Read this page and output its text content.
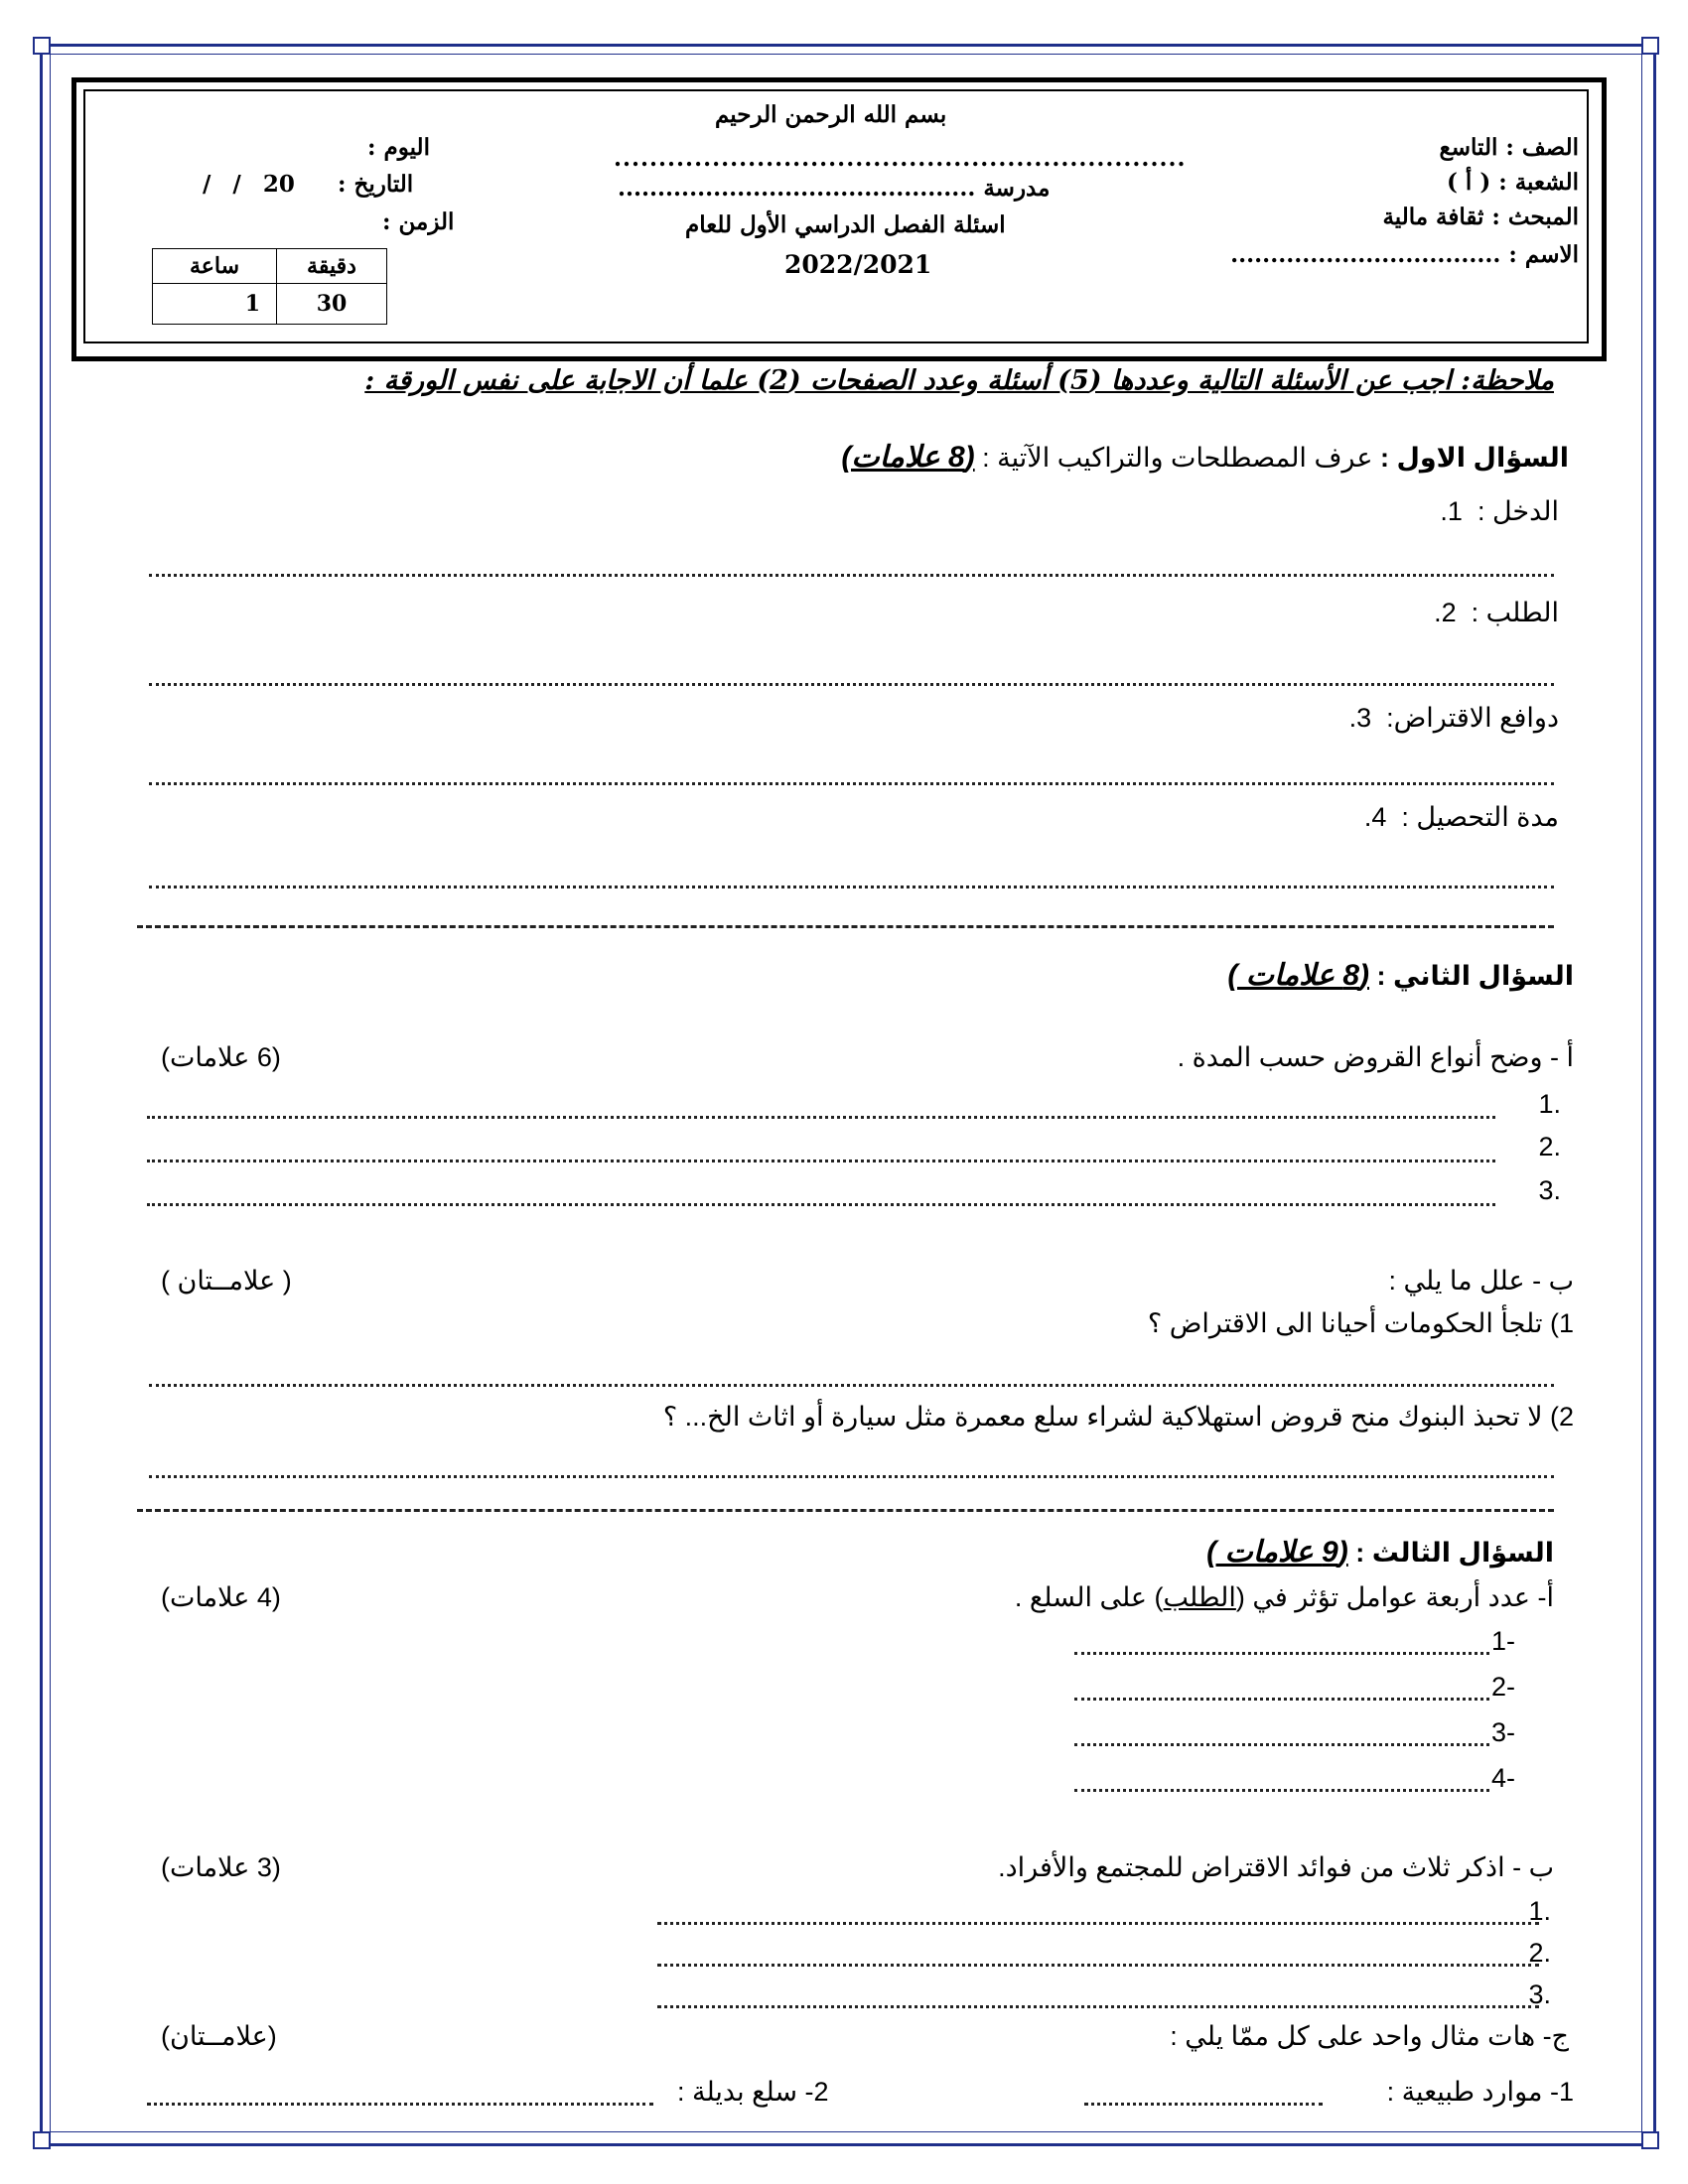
بسم الله الرحمن الرحيم
الصف : التاسع
الشعبة : ( أ )
المبحث : ثقافة مالية
الاسم : ..................................
................................................................
مدرسة .............................................
اسئلة الفصل الدراسي الأول للعام
2022/2021
اليوم :
التاريخ :
/ / 20
الزمن :
ساعة	دقيقة
1	30
ملاحظة: اجب عن الأسئلة التالية وعددها (5) أسئلة وعدد الصفحات (2) علما أن الاجابة على نفس الورقة :
السؤال الاول : عرف المصطلحات والتراكيب الآتية : (8 علامات)
الدخل :  1.
الطلب :  2.
دوافع الاقتراض:  3.
مدة التحصيل :  4.
السؤال الثاني : (8 علامات )
أ - وضح أنواع القروض حسب المدة .
(6 علامات)
1.
2.
3.
ب - علل ما يلي :
( علامــتان )
1) تلجأ الحكومات أحيانا الى الاقتراض ؟
2) لا تحبذ البنوك منح قروض استهلاكية لشراء سلع معمرة مثل سيارة أو اثاث الخ... ؟
السؤال الثالث : (9 علامات )
أ- عدد أربعة عوامل تؤثر في (الطلب) على السلع .
(4 علامات)
1-
2-
3-
4-
ب - اذكر ثلاث من فوائد الاقتراض للمجتمع والأفراد.
(3 علامات)
1.
2.
3.
ج- هات مثال واحد على كل ممّا يلي :
(علامــتان)
1- موارد طبيعية :
2- سلع بديلة :
